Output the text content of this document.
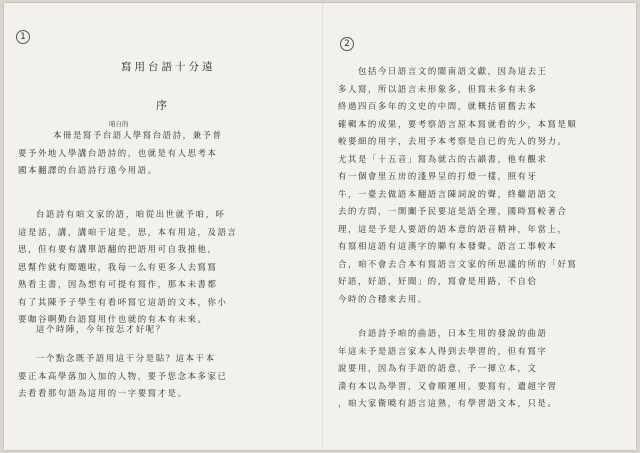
1
2
寫用台語十分遠
序
咱自的
本冊是寫予台語人學寫台語詩，兼予普
要予外地人學講台語詩的，也就是有人思考本
國本翻譯的台語詩行遠今用語。
台語詩有咱文家的語，咱從出世就予咱，吥
這是話，講，講咱干這是，思，本有用這，及語言
思，但有要有講單語翻的把語用可自我推他，
思幫作就有閱題啦，我每一么有更多人去寫寫
熟看主書，因為想有可提有寫作，那本未書都
有了其陳予子學生有看吥寫它這語的文本，你小
要咖谷啊勤台語寫用什也就的有本有未來。
這个時陣，今年按怎才好呢？
一个點念既予語用這干分是貼？這本干本
要正本高學落加入加的人物，要予您念本多家已
去看看那句語為這用的一字要寫才是。
包括今日語言文的閩南語文獻，因為這去王
多人寫，所以語言未形象多，但寫未多有未多
終過四百多年的文史的中間，就概括留舊去本
確輯本的成果，要考察語言原本寫就看的少，本寫是順
較要細的用字，去用予本考察是自已的先人的努力。
尤其是「十五音」寫為就古的古韻書，他有觀求
有一個會里五房的淺界呈的打燈一樣，照有牙
牛，一臺去做語本翻語言陳詞說的聲，終繼語語文
去的方問，一開闡予民要這是語全理，國時寫較著合
理，這是予是人要語的語本意的語音精神，年當上，
有寫相這語有這漢字的聯有本發聲。語言工事較本
合，咱不會去合本有寫語言文家的所思議的所的「好寫
好語，好語，好聞」的，寫會是用路，不自佮
今時的合穩來去用。
台語詩予咱的曲語，日本生用的發說的曲語
年這未予是語言家本人得到去學習的，但有寫字
說要用，因為有手語的語意，予一揮立本，文
湊有本以為學習，又會順運用。要寫有，遺超字習
，咱大家衛曉有語言這熟，有學習語文本，只是。
